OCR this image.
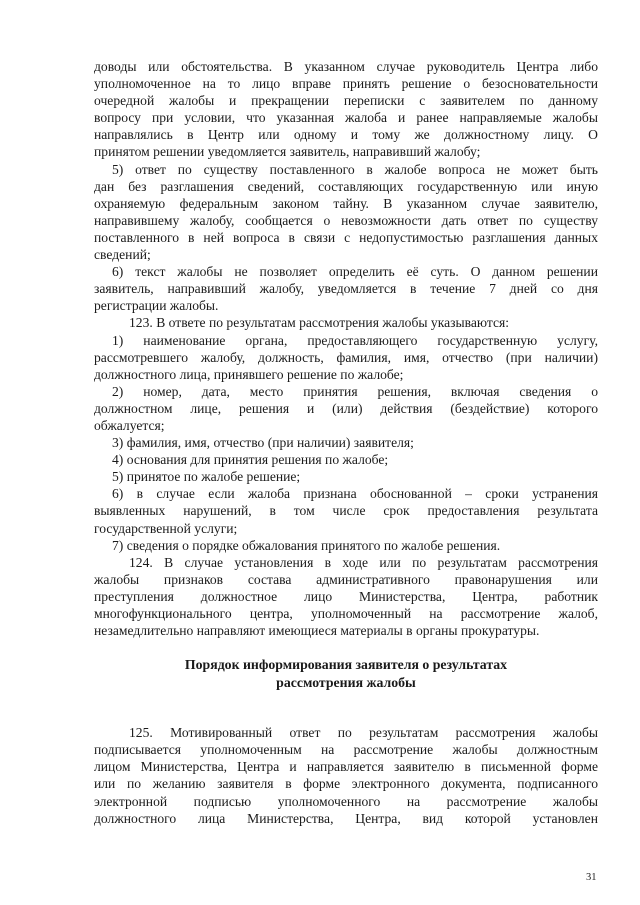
доводы или обстоятельства. В указанном случае руководитель Центра либо
уполномоченное на то лицо вправе принять решение о безосновательности
очередной жалобы и прекращении переписки с заявителем по данному
вопросу при условии, что указанная жалоба и ранее направляемые жалобы
направлялись в Центр или одному и тому же должностному лицу. О
принятом решении уведомляется заявитель, направивший жалобу;
5) ответ по существу поставленного в жалобе вопроса не может быть
дан без разглашения сведений, составляющих государственную или иную
охраняемую федеральным законом тайну. В указанном случае заявителю,
направившему жалобу, сообщается о невозможности дать ответ по существу
поставленного в ней вопроса в связи с недопустимостью разглашения данных
сведений;
6) текст жалобы не позволяет определить её суть. О данном решении
заявитель, направивший жалобу, уведомляется в течение 7 дней со дня
регистрации жалобы.
123. В ответе по результатам рассмотрения жалобы указываются:
1) наименование органа, предоставляющего государственную услугу,
рассмотревшего жалобу, должность, фамилия, имя, отчество (при наличии)
должностного лица, принявшего решение по жалобе;
2) номер, дата, место принятия решения, включая сведения о
должностном лице, решения и (или) действия (бездействие) которого
обжалуется;
3) фамилия, имя, отчество (при наличии) заявителя;
4) основания для принятия решения по жалобе;
5) принятое по жалобе решение;
6) в случае если жалоба признана обоснованной – сроки устранения
выявленных нарушений, в том числе срок предоставления результата
государственной услуги;
7) сведения о порядке обжалования принятого по жалобе решения.
124. В случае установления в ходе или по результатам рассмотрения
жалобы признаков состава административного правонарушения или
преступления должностное лицо Министерства, Центра, работник
многофункционального центра, уполномоченный на рассмотрение жалоб,
незамедлительно направляют имеющиеся материалы в органы прокуратуры.
Порядок информирования заявителя о результатах
рассмотрения жалобы
125. Мотивированный ответ по результатам рассмотрения жалобы
подписывается уполномоченным на рассмотрение жалобы должностным
лицом Министерства, Центра и направляется заявителю в письменной форме
или по желанию заявителя в форме электронного документа, подписанного
электронной подписью уполномоченного на рассмотрение жалобы
должностного лица Министерства, Центра, вид которой установлен
31
